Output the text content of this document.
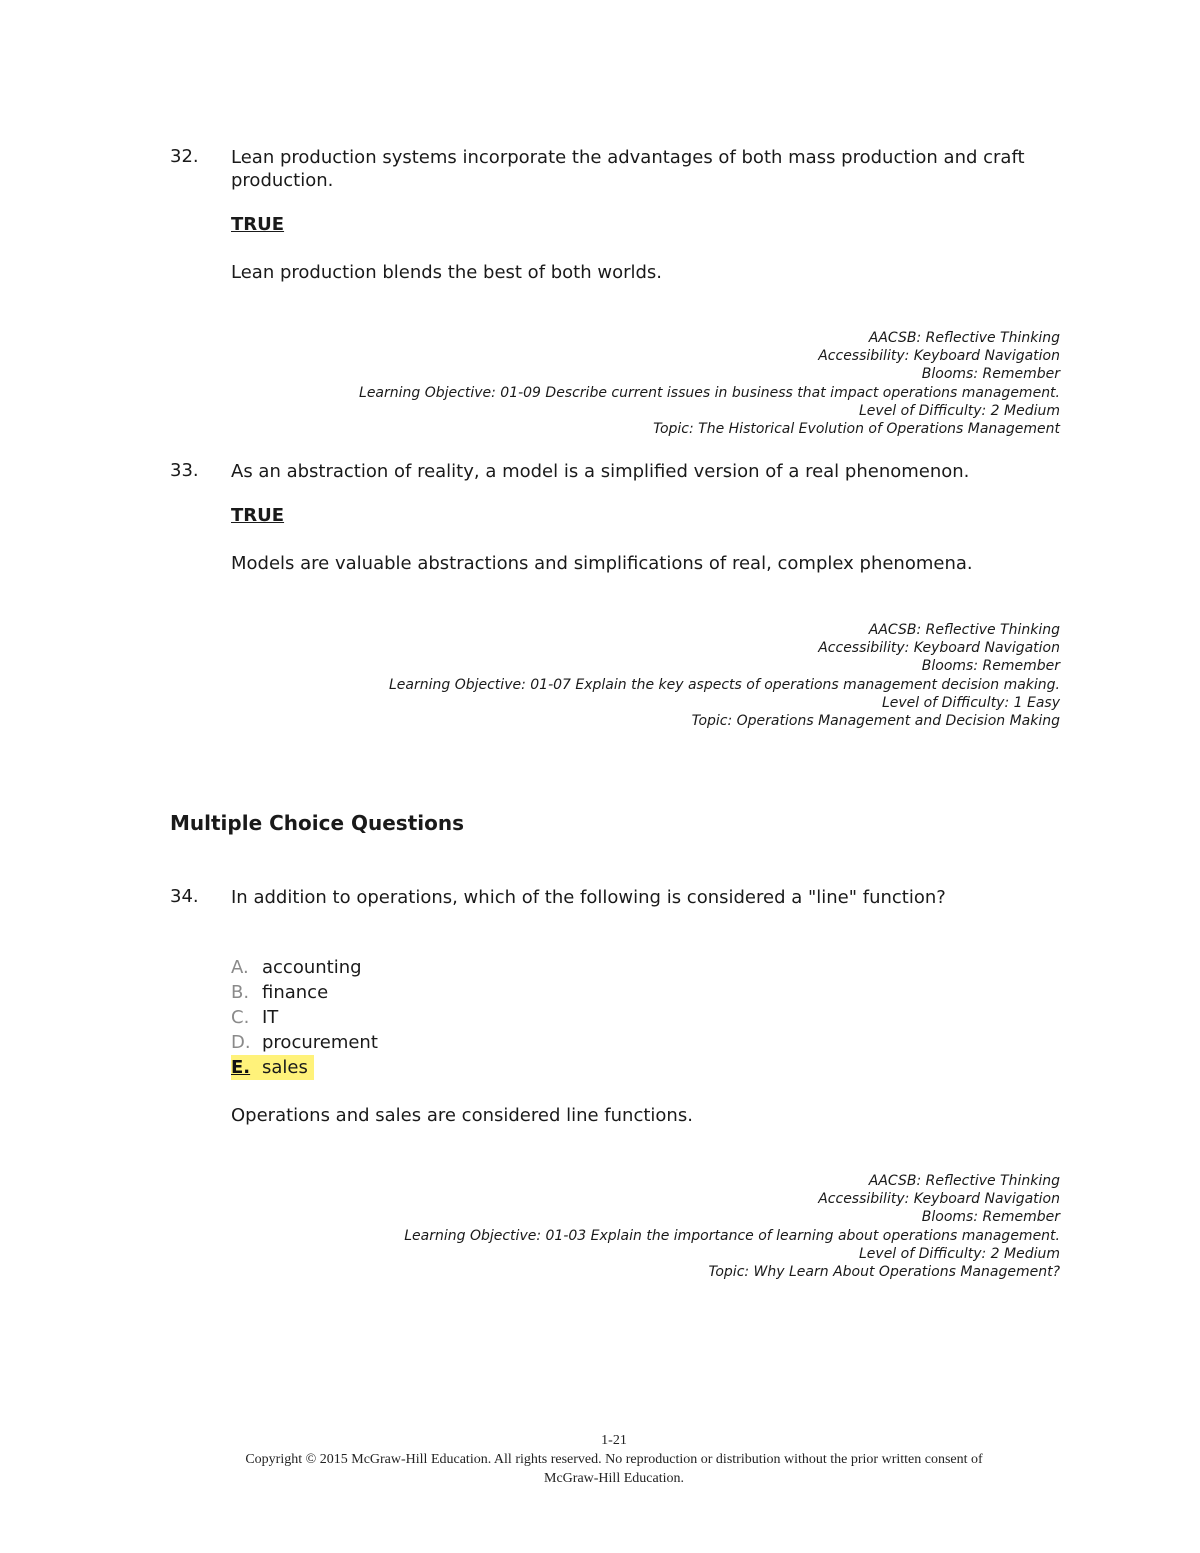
32. Lean production systems incorporate the advantages of both mass production and craft production.
TRUE
Lean production blends the best of both worlds.
AACSB: Reflective Thinking
Accessibility: Keyboard Navigation
Blooms: Remember
Learning Objective: 01-09 Describe current issues in business that impact operations management.
Level of Difficulty: 2 Medium
Topic: The Historical Evolution of Operations Management
33. As an abstraction of reality, a model is a simplified version of a real phenomenon.
TRUE
Models are valuable abstractions and simplifications of real, complex phenomena.
AACSB: Reflective Thinking
Accessibility: Keyboard Navigation
Blooms: Remember
Learning Objective: 01-07 Explain the key aspects of operations management decision making.
Level of Difficulty: 1 Easy
Topic: Operations Management and Decision Making
Multiple Choice Questions
34. In addition to operations, which of the following is considered a "line" function?
A. accounting
B. finance
C. IT
D. procurement
E. sales
Operations and sales are considered line functions.
AACSB: Reflective Thinking
Accessibility: Keyboard Navigation
Blooms: Remember
Learning Objective: 01-03 Explain the importance of learning about operations management.
Level of Difficulty: 2 Medium
Topic: Why Learn About Operations Management?
1-21
Copyright © 2015 McGraw-Hill Education. All rights reserved. No reproduction or distribution without the prior written consent of
McGraw-Hill Education.
